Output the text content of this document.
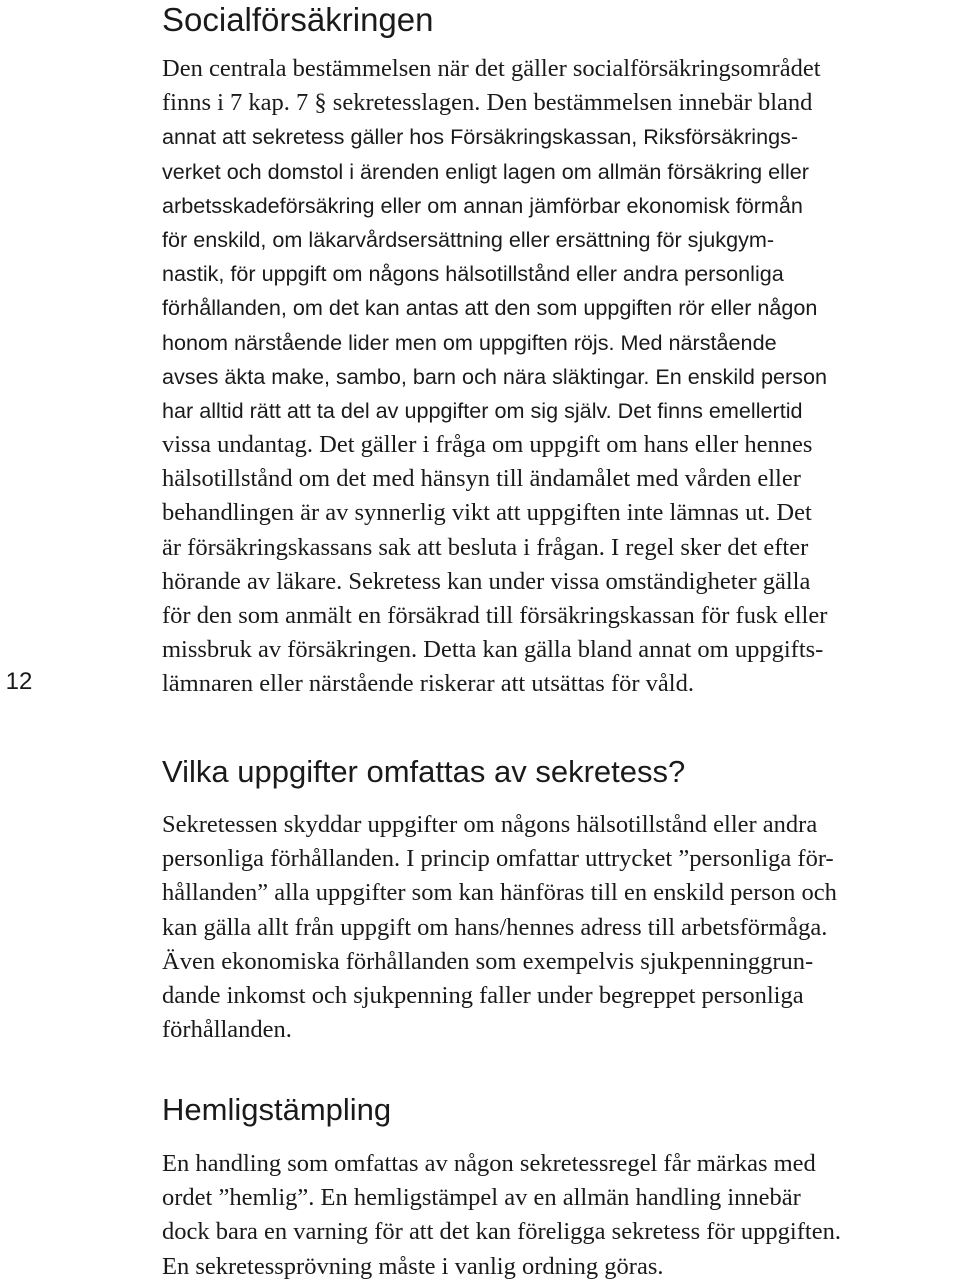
12
Socialförsäkringen
Den centrala bestämmelsen när det gäller socialförsäkringsområdet
finns i 7 kap. 7 § sekretesslagen. Den bestämmelsen innebär bland
annat att sekretess gäller hos Försäkringskassan, Riksförsäkrings-
verket och domstol i ärenden enligt lagen om allmän försäkring eller
arbetsskadeförsäkring eller om annan jämförbar ekonomisk förmån
för enskild, om läkarvårdsersättning eller ersättning för sjukgym-
nastik, för uppgift om någons hälsotillstånd eller andra personliga
förhållanden, om det kan antas att den som uppgiften rör eller någon
honom närstående lider men om uppgiften röjs. Med närstående
avses äkta make, sambo, barn och nära släktingar. En enskild person
har alltid rätt att ta del av uppgifter om sig själv. Det finns emellertid
vissa undantag. Det gäller i fråga om uppgift om hans eller hennes
hälsotillstånd om det med hänsyn till ändamålet med vården eller
behandlingen är av synnerlig vikt att uppgiften inte lämnas ut. Det
är försäkringskassans sak att besluta i frågan. I regel sker det efter
hörande av läkare. Sekretess kan under vissa omständigheter gälla
för den som anmält en försäkrad till försäkringskassan för fusk eller
missbruk av försäkringen. Detta kan gälla bland annat om uppgifts-
lämnaren eller närstående riskerar att utsättas för våld.
Vilka uppgifter omfattas av sekretess?
Sekretessen skyddar uppgifter om någons hälsotillstånd eller andra
personliga förhållanden. I princip omfattar uttrycket ”personliga för-
hållanden” alla uppgifter som kan hänföras till en enskild person och
kan gälla allt från uppgift om hans/hennes adress till arbetsförmåga.
Även ekonomiska förhållanden som exempelvis sjukpenninggrun-
dande inkomst och sjukpenning faller under begreppet personliga
förhållanden.
Hemligstämpling
En handling som omfattas av någon sekretessregel får märkas med
ordet ”hemlig”. En hemligstämpel av en allmän handling innebär
dock bara en varning för att det kan föreligga sekretess för uppgiften.
En sekretessprövning måste i vanlig ordning göras.
